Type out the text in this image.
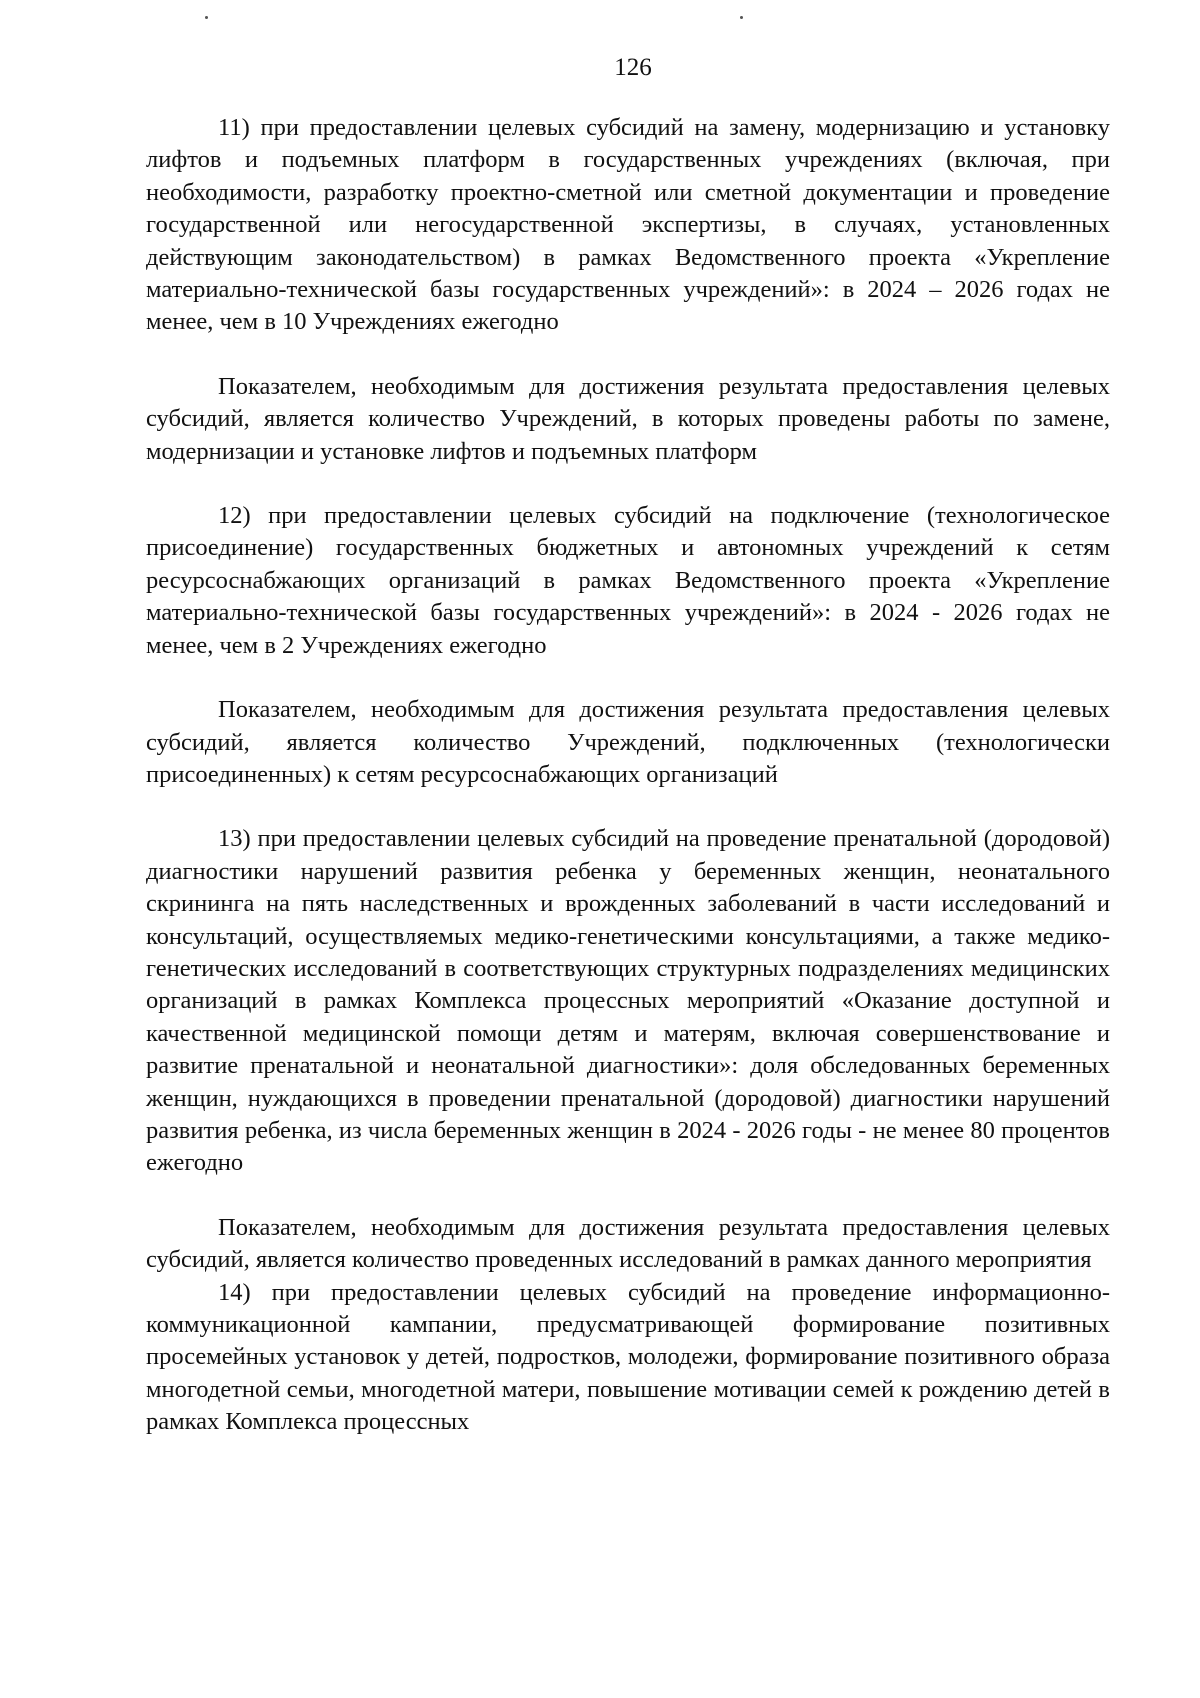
126

11) при предоставлении целевых субсидий на замену, модернизацию и установку лифтов и подъемных платформ в государственных учреждениях (включая, при необходимости, разработку проектно-сметной или сметной документации и проведение государственной или негосударственной экспертизы, в случаях, установленных действующим законодательством) в рамках Ведомственного проекта «Укрепление материально-технической базы государственных учреждений»: в 2024 – 2026 годах не менее, чем в 10 Учреждениях ежегодно

Показателем, необходимым для достижения результата предоставления целевых субсидий, является количество Учреждений, в которых проведены работы по замене, модернизации и установке лифтов и подъемных платформ

12) при предоставлении целевых субсидий на подключение (технологическое присоединение) государственных бюджетных и автономных учреждений к сетям ресурсоснабжающих организаций в рамках Ведомственного проекта «Укрепление материально-технической базы государственных учреждений»: в 2024 - 2026 годах не менее, чем в 2 Учреждениях ежегодно

Показателем, необходимым для достижения результата предоставления целевых субсидий, является количество Учреждений, подключенных (технологически присоединенных) к сетям ресурсоснабжающих организаций

13) при предоставлении целевых субсидий на проведение пренатальной (дородовой) диагностики нарушений развития ребенка у беременных женщин, неонатального скрининга на пять наследственных и врожденных заболеваний в части исследований и консультаций, осуществляемых медико-генетическими консультациями, а также медико-генетических исследований в соответствующих структурных подразделениях медицинских организаций в рамках Комплекса процессных мероприятий «Оказание доступной и качественной медицинской помощи детям и матерям, включая совершенствование и развитие пренатальной и неонатальной диагностики»: доля обследованных беременных женщин, нуждающихся в проведении пренатальной (дородовой) диагностики нарушений развития ребенка, из числа беременных женщин в 2024 - 2026 годы - не менее 80 процентов ежегодно

Показателем, необходимым для достижения результата предоставления целевых субсидий, является количество проведенных исследований в рамках данного мероприятия

14) при предоставлении целевых субсидий на проведение информационно-коммуникационной кампании, предусматривающей формирование позитивных просемейных установок у детей, подростков, молодежи, формирование позитивного образа многодетной семьи, многодетной матери, повышение мотивации семей к рождению детей в рамках Комплекса процессных
